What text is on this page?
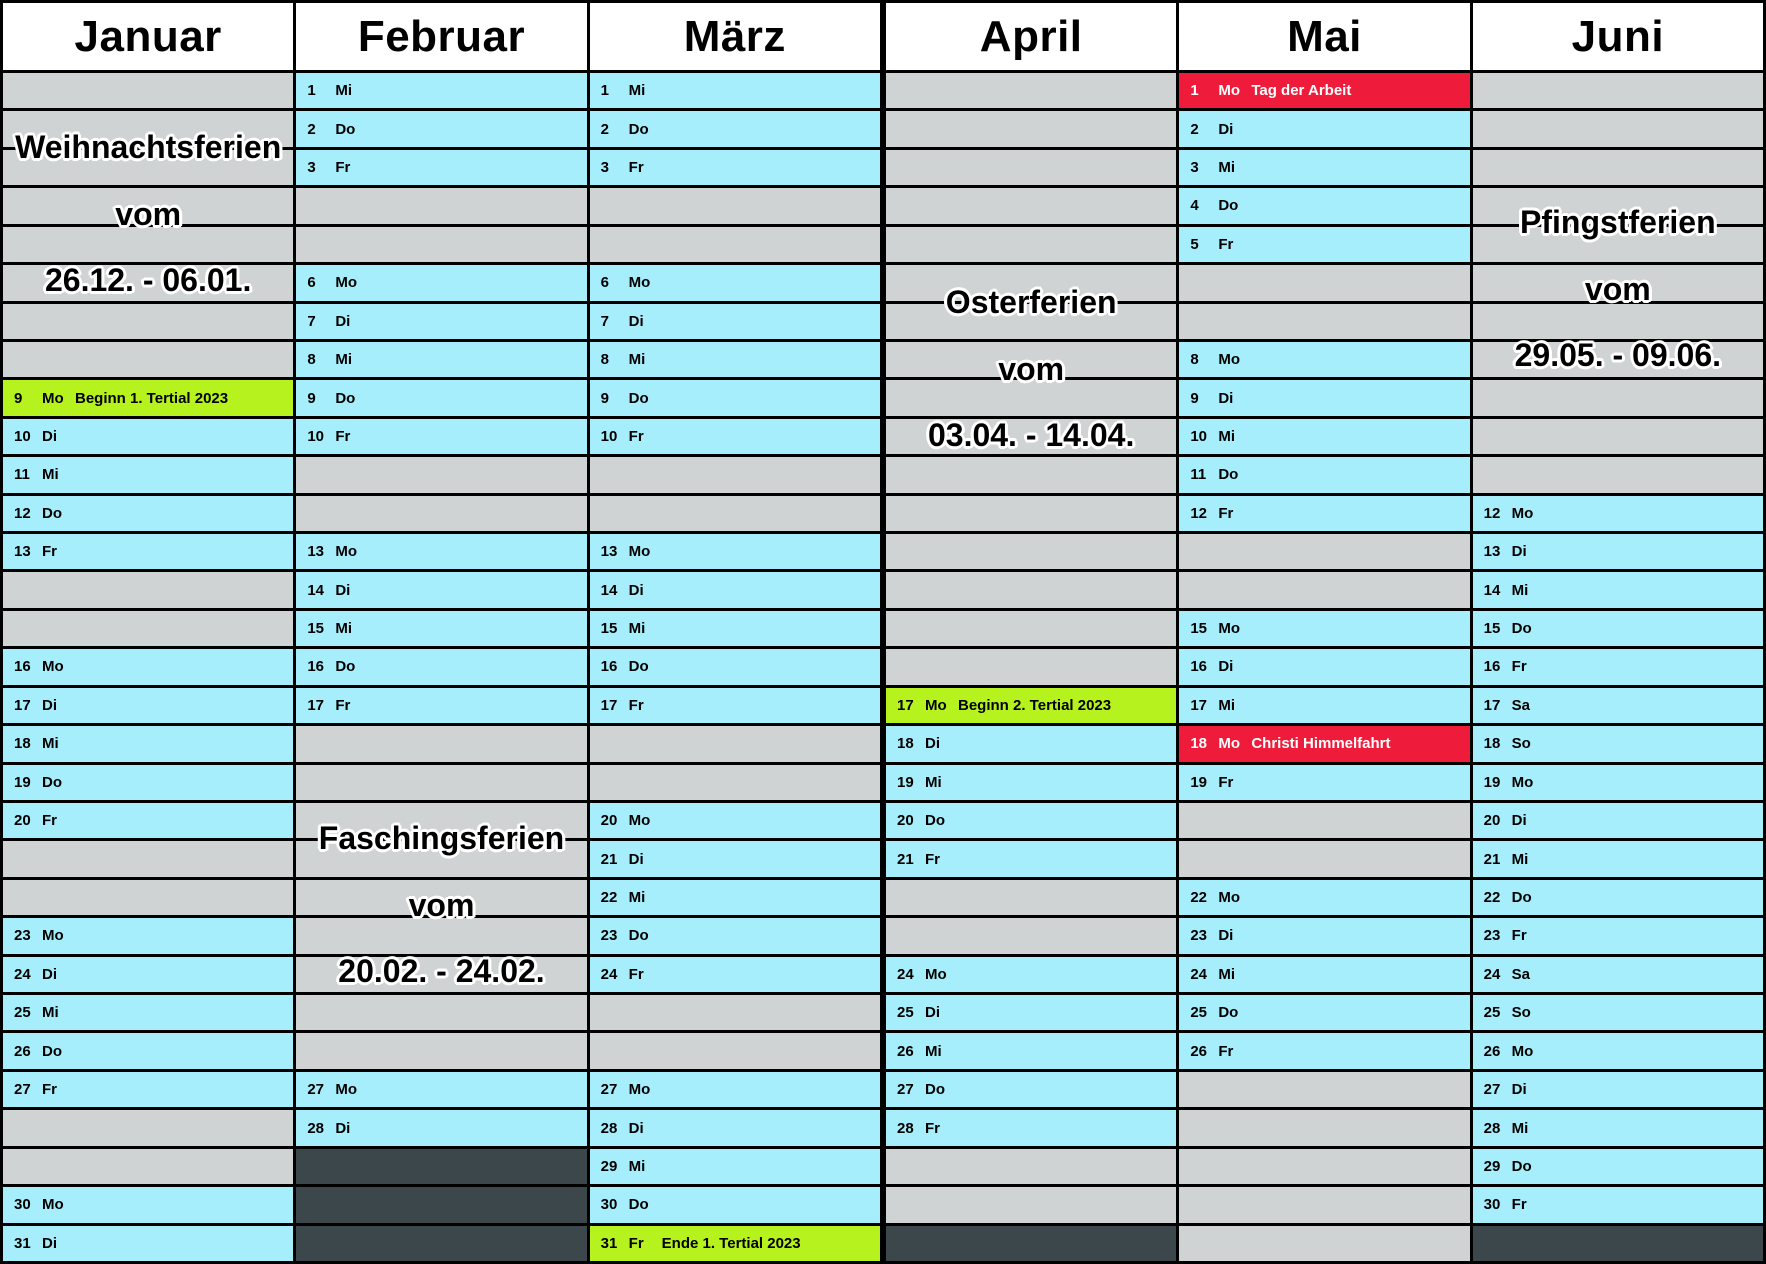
Januar
9	Mo Beginn 1. Tertial 2023
10 Di
11 Mi
12 Do
13 Fr
16 Mo
17 Di
18 Mi
19 Do
20 Fr
23 Mo
24 Di
25 Mi
26 Do
27 Fr
30 Mo
31 Di
Weihnachtsferien
vom
26.12. - 06.01.
Februar
1	Mi
2	Do
3	Fr
6	Mo
7	Di
8	Mi
9	Do
10 Fr
13 Mo
14 Di
15 Mi
16 Do
17 Fr
27 Mo
28 Di
Faschingsferien
vom
20.02. - 24.02.
März
1	Mi
2	Do
3	Fr
6	Mo
7	Di
8	Mi
9	Do
10 Fr
13 Mo
14 Di
15 Mi
16 Do
17 Fr
20 Mo
21 Di
22 Mi
23 Do
24 Fr
27 Mo
28 Di
29 Mi
30 Do
31 Fr	Ende 1. Tertial 2023
April
17 Mo Beginn 2. Tertial 2023
18 Di
19 Mi
20 Do
21 Fr
24 Mo
25 Di
26 Mi
27 Do
28 Fr
Osterferien
vom
03.04. - 14.04.
Mai
1	Mo Tag der Arbeit
2	Di
3	Mi
4	Do
5	Fr
8	Mo
9	Di
10 Mi
11 Do
12 Fr
15 Mo
16 Di
17 Mi
18 Mo Christi Himmelfahrt
19 Fr
22 Mo
23 Di
24 Mi
25 Do
26 Fr
Juni
12 Mo
13 Di
14 Mi
15 Do
16 Fr
17 Sa
18 So
19 Mo
20 Di
21 Mi
22 Do
23 Fr
24 Sa
25 So
26 Mo
27 Di
28 Mi
29 Do
30 Fr
Pfingstferien
vom
29.05. - 09.06.
